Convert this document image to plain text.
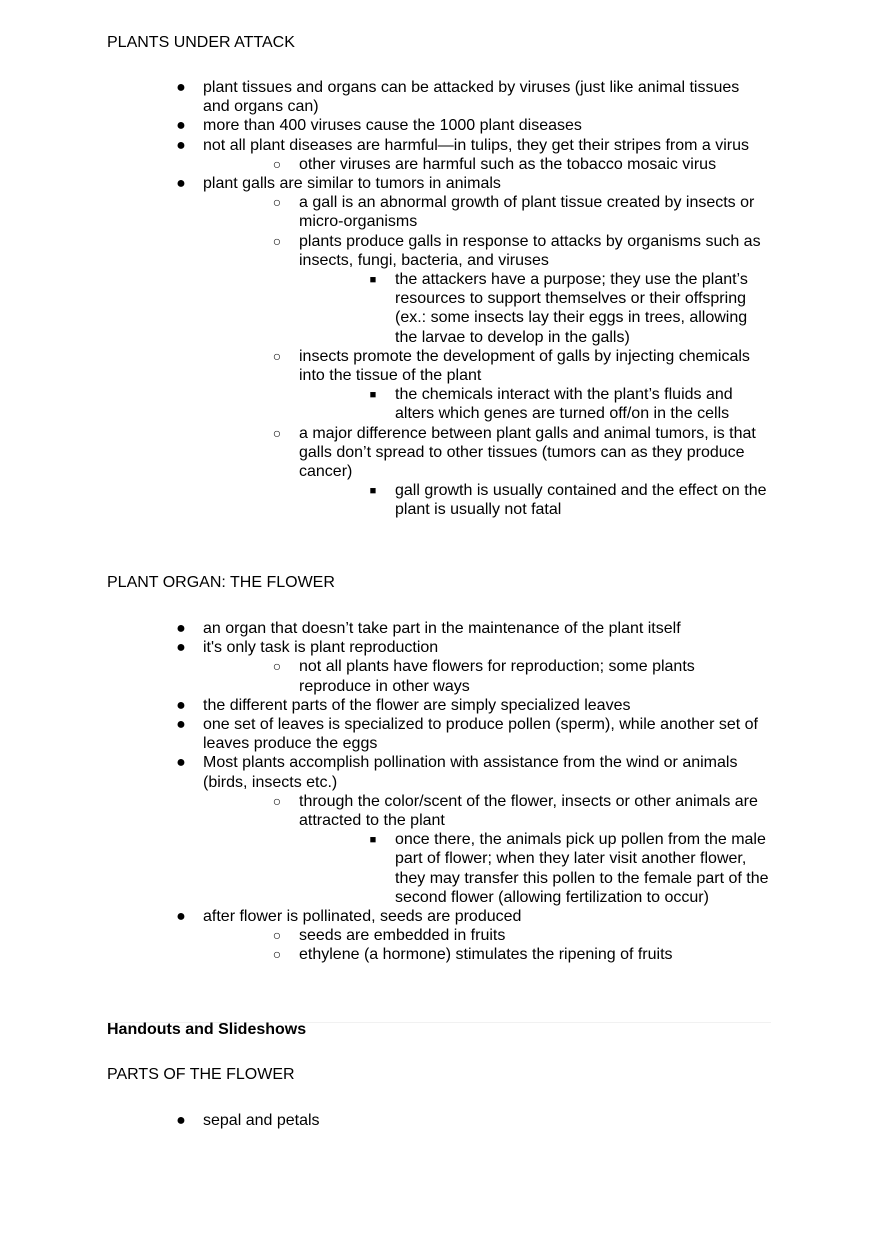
PLANTS UNDER ATTACK
● plant tissues and organs can be attacked by viruses (just like animal tissues and organs can)
● more than 400 viruses cause the 1000 plant diseases
● not all plant diseases are harmful—in tulips, they get their stripes from a virus
○ other viruses are harmful such as the tobacco mosaic virus
● plant galls are similar to tumors in animals
○ a gall is an abnormal growth of plant tissue created by insects or micro-organisms
○ plants produce galls in response to attacks by organisms such as insects, fungi, bacteria, and viruses
■ the attackers have a purpose; they use the plant’s resources to support themselves or their offspring (ex.: some insects lay their eggs in trees, allowing the larvae to develop in the galls)
○ insects promote the development of galls by injecting chemicals into the tissue of the plant
■ the chemicals interact with the plant’s fluids and alters which genes are turned off/on in the cells
○ a major difference between plant galls and animal tumors, is that galls don’t spread to other tissues (tumors can as they produce cancer)
■ gall growth is usually contained and the effect on the plant is usually not fatal
PLANT ORGAN: THE FLOWER
● an organ that doesn’t take part in the maintenance of the plant itself
● it's only task is plant reproduction
○ not all plants have flowers for reproduction; some plants reproduce in other ways
● the different parts of the flower are simply specialized leaves
● one set of leaves is specialized to produce pollen (sperm), while another set of leaves produce the eggs
● Most plants accomplish pollination with assistance from the wind or animals (birds, insects etc.)
○ through the color/scent of the flower, insects or other animals are attracted to the plant
■ once there, the animals pick up pollen from the male part of flower; when they later visit another flower, they may transfer this pollen to the female part of the second flower (allowing fertilization to occur)
● after flower is pollinated, seeds are produced
○ seeds are embedded in fruits
○ ethylene (a hormone) stimulates the ripening of fruits
Handouts and Slideshows
PARTS OF THE FLOWER
● sepal and petals
